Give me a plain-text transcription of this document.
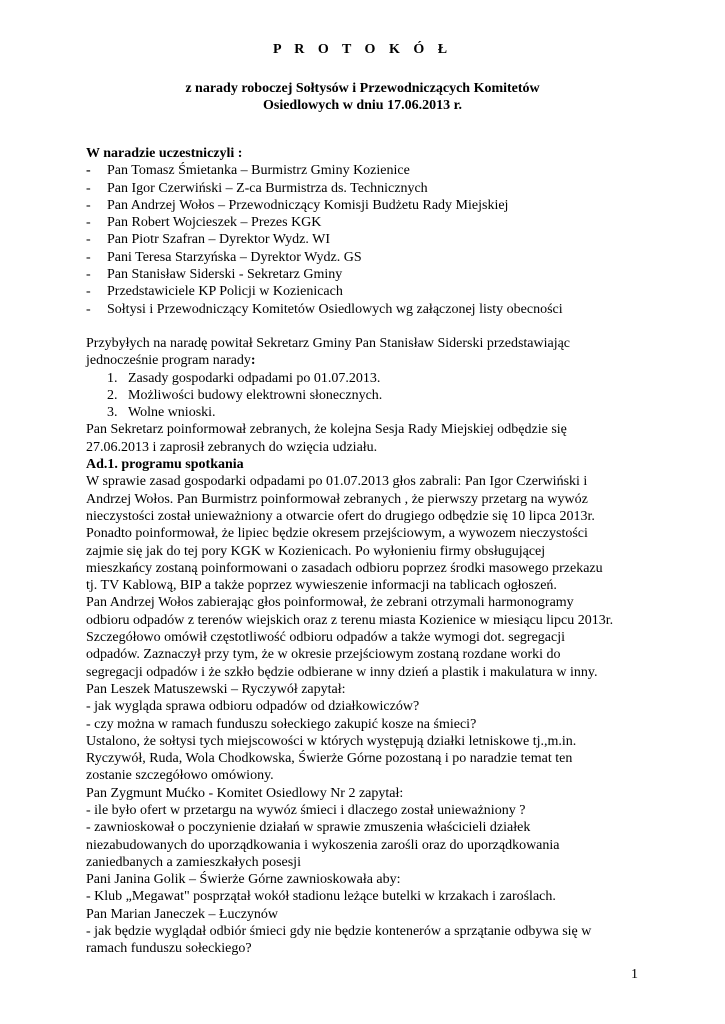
P R O T O K Ó Ł
z narady roboczej Sołtysów i Przewodniczących Komitetów
Osiedlowych w dniu 17.06.2013 r.
W naradzie uczestniczyli :
-	Pan Tomasz Śmietanka – Burmistrz Gminy Kozienice
-	Pan Igor Czerwiński – Z-ca Burmistrza ds. Technicznych
-	Pan Andrzej Wołos – Przewodniczący Komisji Budżetu Rady Miejskiej
-	Pan Robert Wojcieszek – Prezes KGK
-	Pan Piotr Szafran – Dyrektor Wydz. WI
-	Pani Teresa Starzyńska – Dyrektor Wydz. GS
-	Pan Stanisław Siderski - Sekretarz Gminy
-	Przedstawiciele KP Policji w Kozienicach
-	Sołtysi i Przewodniczący Komitetów Osiedlowych wg załączonej listy obecności
Przybyłych na naradę powitał Sekretarz Gminy Pan Stanisław Siderski przedstawiając
jednocześnie program narady:
1. Zasady gospodarki odpadami po 01.07.2013.
2. Możliwości budowy elektrowni słonecznych.
3. Wolne wnioski.
Pan Sekretarz poinformował zebranych, że kolejna Sesja Rady Miejskiej odbędzie się
27.06.2013 i zaprosił zebranych do wzięcia udziału.
Ad.1. programu spotkania
W sprawie zasad gospodarki odpadami po 01.07.2013 głos zabrali: Pan Igor Czerwiński i
Andrzej Wołos. Pan Burmistrz poinformował zebranych , że pierwszy przetarg na wywóz
nieczystości został unieważniony a otwarcie ofert do drugiego odbędzie się 10 lipca 2013r.
Ponadto poinformował, że lipiec będzie okresem przejściowym, a wywozem nieczystości
zajmie się jak do tej pory KGK w Kozienicach. Po wyłonieniu firmy obsługującej
mieszkańcy zostaną poinformowani o zasadach odbioru poprzez środki masowego przekazu
tj. TV Kablową, BIP a także poprzez wywieszenie informacji na tablicach ogłoszeń.
Pan Andrzej Wołos zabierając głos poinformował, że zebrani otrzymali harmonogramy
odbioru odpadów z terenów wiejskich oraz z terenu miasta Kozienice w miesiącu lipcu 2013r.
Szczegółowo omówił częstotliwość odbioru odpadów a także wymogi dot. segregacji
odpadów. Zaznaczył przy tym, że w okresie przejściowym zostaną rozdane worki do
segregacji odpadów i że szkło będzie odbierane w inny dzień a plastik i makulatura w inny.
Pan Leszek Matuszewski – Ryczywół zapytał:
- jak wygląda sprawa odbioru odpadów od działkowiczów?
- czy można w ramach funduszu sołeckiego zakupić kosze na śmieci?
Ustalono, że sołtysi tych miejscowości w których występują działki letniskowe tj.,m.in.
Ryczywół, Ruda, Wola Chodkowska, Świerże Górne pozostaną i po naradzie temat ten
zostanie szczegółowo omówiony.
Pan Zygmunt Mućko - Komitet Osiedlowy Nr 2 zapytał:
- ile było ofert w przetargu na wywóz śmieci i dlaczego został unieważniony ?
- zawnioskował o poczynienie działań w sprawie zmuszenia właścicieli działek
niezabudowanych do uporządkowania i wykoszenia zarośli oraz do uporządkowania
zaniedbanych a zamieszkałych posesji
Pani Janina Golik – Świerże Górne zawnioskowała aby:
- Klub „Megawat" posprzątał wokół stadionu leżące butelki w krzakach i zaroślach.
Pan Marian Janeczek – Łuczynów
- jak będzie wyglądał odbiór śmieci gdy nie będzie kontenerów a sprzątanie odbywa się w
ramach funduszu sołeckiego?
1
